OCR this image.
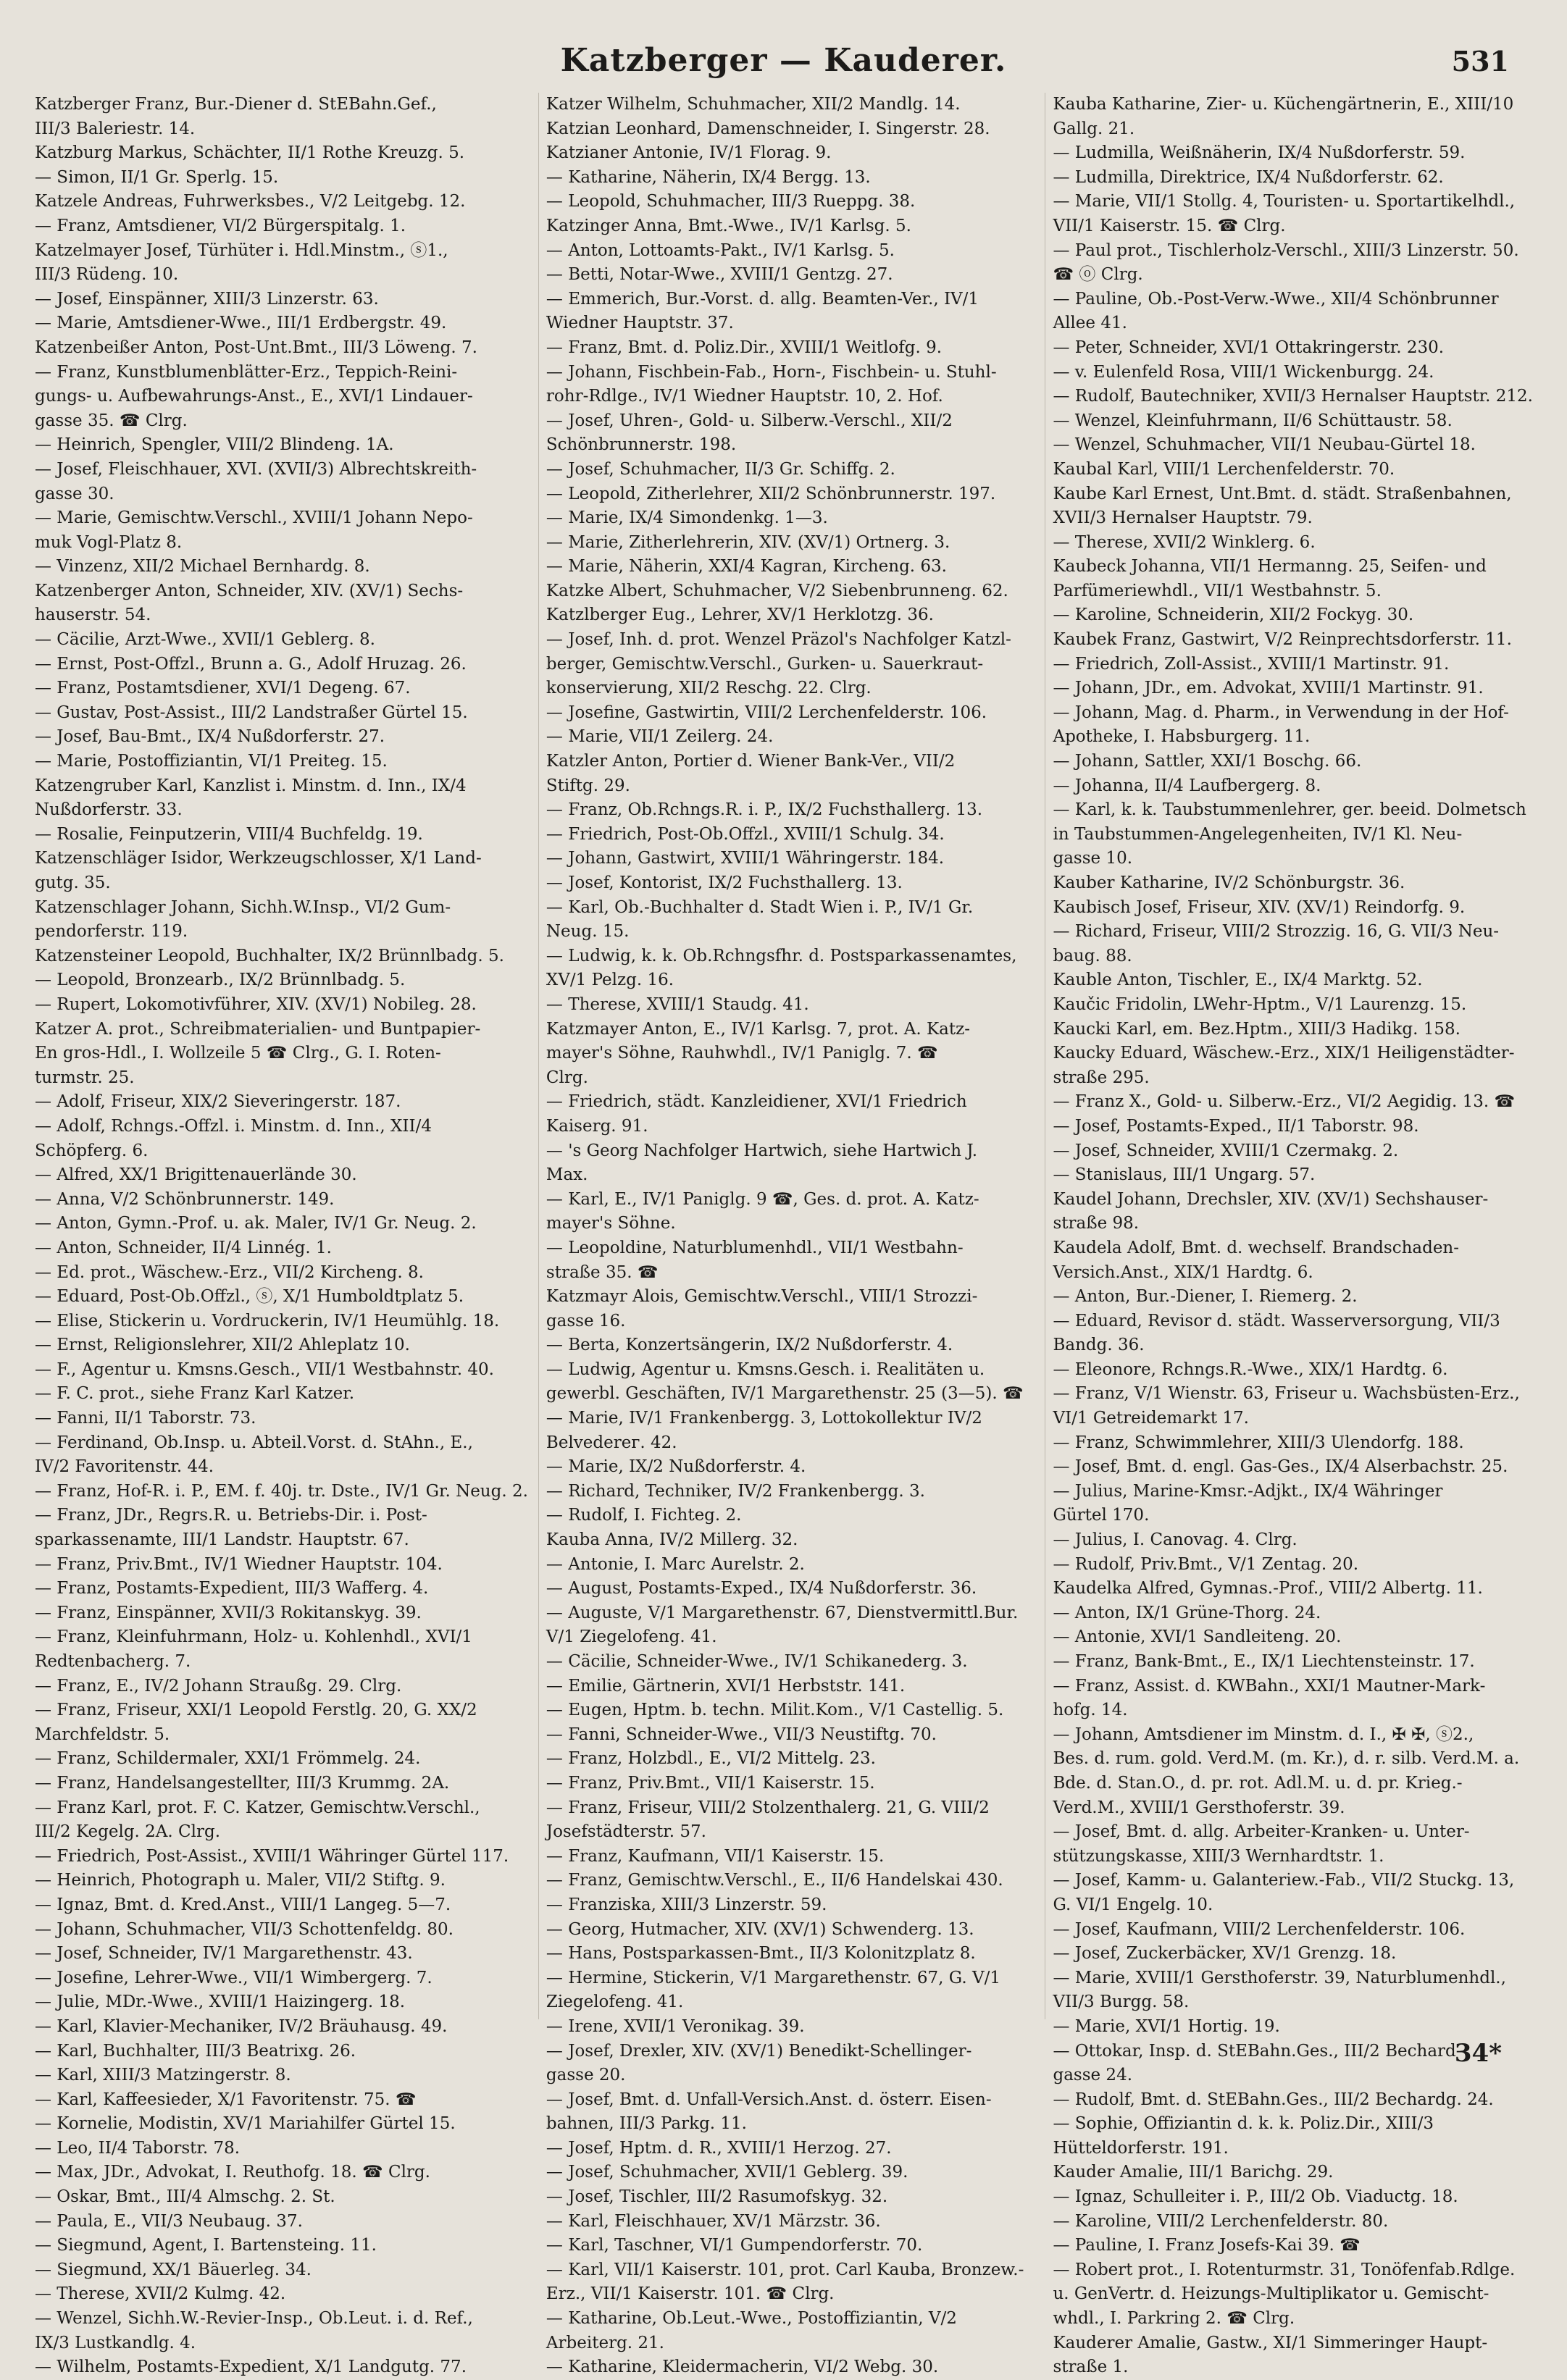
Katzberger — Kauderer.	531
Katzberger Franz, Bur.-Diener d. StEBahn.Gef.,
III/3 Baleriestr. 14.
Katzburg Markus, Schächter, II/1 Rothe Kreuzg. 5.
— Simon, II/1 Gr. Sperlg. 15.
Katzele Andreas, Fuhrwerksbes., V/2 Leitgebg. 12.
— Franz, Amtsdiener, VI/2 Bürgerspitalg. 1.
Katzelmayer Josef, Türhüter i. Hdl.Minstm., ⓢ1.,
III/3 Rüdeng. 10.
— Josef, Einspänner, XIII/3 Linzerstr. 63.
— Marie, Amtsdiener-Wwe., III/1 Erdbergstr. 49.
Katzenbeißer Anton, Post-Unt.Bmt., III/3 Löweng. 7.
— Franz, Kunstblumenblätter-Erz., Teppich-Reini-
gungs- u. Aufbewahrungs-Anst., E., XVI/1 Lindauer-
gasse 35. ☎ Clrg.
— Heinrich, Spengler, VIII/2 Blindeng. 1A.
— Josef, Fleischhauer, XVI. (XVII/3) Albrechtskreith-
gasse 30.
— Marie, Gemischtw.Verschl., XVIII/1 Johann Nepo-
muk Vogl-Platz 8.
— Vinzenz, XII/2 Michael Bernhardg. 8.
Katzenberger Anton, Schneider, XIV. (XV/1) Sechs-
hauserstr. 54.
— Cäcilie, Arzt-Wwe., XVII/1 Geblerg. 8.
— Ernst, Post-Offzl., Brunn a. G., Adolf Hruzag. 26.
— Franz, Postamtsdiener, XVI/1 Degeng. 67.
— Gustav, Post-Assist., III/2 Landstraßer Gürtel 15.
— Josef, Bau-Bmt., IX/4 Nußdorferstr. 27.
— Marie, Postoffiziantin, VI/1 Preiteg. 15.
Katzengruber Karl, Kanzlist i. Minstm. d. Inn., IX/4
Nußdorferstr. 33.
— Rosalie, Feinputzerin, VIII/4 Buchfeldg. 19.
Katzenschläger Isidor, Werkzeugschlosser, X/1 Land-
gutg. 35.
Katzenschlager Johann, Sichh.W.Insp., VI/2 Gum-
pendorferstr. 119.
Katzensteiner Leopold, Buchhalter, IX/2 Brünnlbadg. 5.
— Leopold, Bronzearb., IX/2 Brünnlbadg. 5.
— Rupert, Lokomotivführer, XIV. (XV/1) Nobileg. 28.
Katzer A. prot., Schreibmaterialien- und Buntpapier-
En gros-Hdl., I. Wollzeile 5 ☎ Clrg., G. I. Roten-
turmstr. 25.
— Adolf, Friseur, XIX/2 Sieveringerstr. 187.
— Adolf, Rchngs.-Offzl. i. Minstm. d. Inn., XII/4
Schöpferg. 6.
— Alfred, XX/1 Brigittenauerlände 30.
— Anna, V/2 Schönbrunnerstr. 149.
— Anton, Gymn.-Prof. u. ak. Maler, IV/1 Gr. Neug. 2.
— Anton, Schneider, II/4 Linnég. 1.
— Ed. prot., Wäschew.-Erz., VII/2 Kircheng. 8.
— Eduard, Post-Ob.Offzl., ⓢ, X/1 Humboldtplatz 5.
— Elise, Stickerin u. Vordruckerin, IV/1 Heumühlg. 18.
— Ernst, Religionslehrer, XII/2 Ahleplatz 10.
— F., Agentur u. Kmsns.Gesch., VII/1 Westbahnstr. 40.
— F. C. prot., siehe Franz Karl Katzer.
— Fanni, II/1 Taborstr. 73.
— Ferdinand, Ob.Insp. u. Abteil.Vorst. d. StAhn., E.,
IV/2 Favoritenstr. 44.
— Franz, Hof-R. i. P., EM. f. 40j. tr. Dste., IV/1 Gr. Neug. 2.
— Franz, JDr., Regrs.R. u. Betriebs-Dir. i. Post-
sparkassenamte, III/1 Landstr. Hauptstr. 67.
— Franz, Priv.Bmt., IV/1 Wiedner Hauptstr. 104.
— Franz, Postamts-Expedient, III/3 Wafferg. 4.
— Franz, Einspänner, XVII/3 Rokitanskyg. 39.
— Franz, Kleinfuhrmann, Holz- u. Kohlenhdl., XVI/1
Redtenbacherg. 7.
— Franz, E., IV/2 Johann Straußg. 29. Clrg.
— Franz, Friseur, XXI/1 Leopold Ferstlg. 20, G. XX/2
Marchfeldstr. 5.
— Franz, Schildermaler, XXI/1 Frömmelg. 24.
— Franz, Handelsangestellter, III/3 Krummg. 2A.
— Franz Karl, prot. F. C. Katzer, Gemischtw.Verschl.,
III/2 Kegelg. 2A. Clrg.
— Friedrich, Post-Assist., XVIII/1 Währinger Gürtel 117.
— Heinrich, Photograph u. Maler, VII/2 Stiftg. 9.
— Ignaz, Bmt. d. Kred.Anst., VIII/1 Langeg. 5—7.
— Johann, Schuhmacher, VII/3 Schottenfeldg. 80.
— Josef, Schneider, IV/1 Margarethenstr. 43.
— Josefine, Lehrer-Wwe., VII/1 Wimbergerg. 7.
— Julie, MDr.-Wwe., XVIII/1 Haizingerg. 18.
— Karl, Klavier-Mechaniker, IV/2 Bräuhausg. 49.
— Karl, Buchhalter, III/3 Beatrixg. 26.
— Karl, XIII/3 Matzingerstr. 8.
— Karl, Kaffeesieder, X/1 Favoritenstr. 75. ☎
— Kornelie, Modistin, XV/1 Mariahilfer Gürtel 15.
— Leo, II/4 Taborstr. 78.
— Max, JDr., Advokat, I. Reuthofg. 18. ☎ Clrg.
— Oskar, Bmt., III/4 Almschg. 2. St.
— Paula, E., VII/3 Neubaug. 37.
— Siegmund, Agent, I. Bartensteing. 11.
— Siegmund, XX/1 Bäuerleg. 34.
— Therese, XVII/2 Kulmg. 42.
— Wenzel, Sichh.W.-Revier-Insp., Ob.Leut. i. d. Ref.,
IX/3 Lustkandlg. 4.
— Wilhelm, Postamts-Expedient, X/1 Landgutg. 77.
Katzer Wilhelm, Schuhmacher, XII/2 Mandlg. 14.
Katzian Leonhard, Damenschneider, I. Singerstr. 28.
Katzianer Antonie, IV/1 Florag. 9.
— Katharine, Näherin, IX/4 Bergg. 13.
— Leopold, Schuhmacher, III/3 Rueppg. 38.
Katzinger Anna, Bmt.-Wwe., IV/1 Karlsg. 5.
— Anton, Lottoamts-Pakt., IV/1 Karlsg. 5.
— Betti, Notar-Wwe., XVIII/1 Gentzg. 27.
— Emmerich, Bur.-Vorst. d. allg. Beamten-Ver., IV/1
Wiedner Hauptstr. 37.
— Franz, Bmt. d. Poliz.Dir., XVIII/1 Weitlofg. 9.
— Johann, Fischbein-Fab., Horn-, Fischbein- u. Stuhl-
rohr-Rdlge., IV/1 Wiedner Hauptstr. 10, 2. Hof.
— Josef, Uhren-, Gold- u. Silberw.-Verschl., XII/2
Schönbrunnerstr. 198.
— Josef, Schuhmacher, II/3 Gr. Schiffg. 2.
— Leopold, Zitherlehrer, XII/2 Schönbrunnerstr. 197.
— Marie, IX/4 Simondenkg. 1—3.
— Marie, Zitherlehrerin, XIV. (XV/1) Ortnerg. 3.
— Marie, Näherin, XXI/4 Kagran, Kircheng. 63.
Katzke Albert, Schuhmacher, V/2 Siebenbrunneng. 62.
Katzlberger Eug., Lehrer, XV/1 Herklotzg. 36.
— Josef, Inh. d. prot. Wenzel Präzol's Nachfolger Katzl-
berger, Gemischtw.Verschl., Gurken- u. Sauerkraut-
konservierung, XII/2 Reschg. 22. Clrg.
— Josefine, Gastwirtin, VIII/2 Lerchenfelderstr. 106.
— Marie, VII/1 Zeilerg. 24.
Katzler Anton, Portier d. Wiener Bank-Ver., VII/2
Stiftg. 29.
— Franz, Ob.Rchngs.R. i. P., IX/2 Fuchsthallerg. 13.
— Friedrich, Post-Ob.Offzl., XVIII/1 Schulg. 34.
— Johann, Gastwirt, XVIII/1 Währingerstr. 184.
— Josef, Kontorist, IX/2 Fuchsthallerg. 13.
— Karl, Ob.-Buchhalter d. Stadt Wien i. P., IV/1 Gr.
Neug. 15.
— Ludwig, k. k. Ob.Rchngsfhr. d. Postsparkassenamtes,
XV/1 Pelzg. 16.
— Therese, XVIII/1 Staudg. 41.
Katzmayer Anton, E., IV/1 Karlsg. 7, prot. A. Katz-
mayer's Söhne, Rauhwhdl., IV/1 Paniglg. 7. ☎
Clrg.
— Friedrich, städt. Kanzleidiener, XVI/1 Friedrich
Kaiserg. 91.
— 's Georg Nachfolger Hartwich, siehe Hartwich J.
Max.
— Karl, E., IV/1 Paniglg. 9 ☎, Ges. d. prot. A. Katz-
mayer's Söhne.
— Leopoldine, Naturblumenhdl., VII/1 Westbahn-
straße 35. ☎
Katzmayr Alois, Gemischtw.Verschl., VIII/1 Strozzi-
gasse 16.
— Berta, Konzertsängerin, IX/2 Nußdorferstr. 4.
— Ludwig, Agentur u. Kmsns.Gesch. i. Realitäten u.
gewerbl. Geschäften, IV/1 Margarethenstr. 25 (3—5). ☎
— Marie, IV/1 Frankenbergg. 3, Lottokollektur IV/2
Belvederег. 42.
— Marie, IX/2 Nußdorferstr. 4.
— Richard, Techniker, IV/2 Frankenbergg. 3.
— Rudolf, I. Fichteg. 2.
Kauba Anna, IV/2 Millerg. 32.
— Antonie, I. Marc Aurelstr. 2.
— August, Postamts-Exped., IX/4 Nußdorferstr. 36.
— Auguste, V/1 Margarethenstr. 67, Dienstvermittl.Bur.
V/1 Ziegelofeng. 41.
— Cäcilie, Schneider-Wwe., IV/1 Schikanederg. 3.
— Emilie, Gärtnerin, XVI/1 Herbststr. 141.
— Eugen, Hptm. b. techn. Milit.Kom., V/1 Castellig. 5.
— Fanni, Schneider-Wwe., VII/3 Neustiftg. 70.
— Franz, Holzbdl., E., VI/2 Mittelg. 23.
— Franz, Priv.Bmt., VII/1 Kaiserstr. 15.
— Franz, Friseur, VIII/2 Stolzenthalerg. 21, G. VIII/2
Josefstädterstr. 57.
— Franz, Kaufmann, VII/1 Kaiserstr. 15.
— Franz, Gemischtw.Verschl., E., II/6 Handelskai 430.
— Franziska, XIII/3 Linzerstr. 59.
— Georg, Hutmacher, XIV. (XV/1) Schwenderg. 13.
— Hans, Postsparkassen-Bmt., II/3 Kolonitzplatz 8.
— Hermine, Stickerin, V/1 Margarethenstr. 67, G. V/1
Ziegelofeng. 41.
— Irene, XVII/1 Veronikag. 39.
— Josef, Drexler, XIV. (XV/1) Benedikt-Schellinger-
gasse 20.
— Josef, Bmt. d. Unfall-Versich.Anst. d. österr. Eisen-
bahnen, III/3 Parkg. 11.
— Josef, Hptm. d. R., XVIII/1 Herzog. 27.
— Josef, Schuhmacher, XVII/1 Geblerg. 39.
— Josef, Tischler, III/2 Rasumofskyg. 32.
— Karl, Fleischhauer, XV/1 Märzstr. 36.
— Karl, Taschner, VI/1 Gumpendorferstr. 70.
— Karl, VII/1 Kaiserstr. 101, prot. Carl Kauba, Bronzew.-
Erz., VII/1 Kaiserstr. 101. ☎ Clrg.
— Katharine, Ob.Leut.-Wwe., Postoffiziantin, V/2
Arbeiterg. 21.
— Katharine, Kleidermacherin, VI/2 Webg. 30.
Kauba Katharine, Zier- u. Küchengärtnerin, E., XIII/10
Gallg. 21.
— Ludmilla, Weißnäherin, IX/4 Nußdorferstr. 59.
— Ludmilla, Direktrice, IX/4 Nußdorferstr. 62.
— Marie, VII/1 Stollg. 4, Touristen- u. Sportartikelhdl.,
VII/1 Kaiserstr. 15. ☎ Clrg.
— Paul prot., Tischlerholz-Verschl., XIII/3 Linzerstr. 50.
☎ ⓞ Clrg.
— Pauline, Ob.-Post-Verw.-Wwe., XII/4 Schönbrunner
Allee 41.
— Peter, Schneider, XVI/1 Ottakringerstr. 230.
— v. Eulenfeld Rosa, VIII/1 Wickenburgg. 24.
— Rudolf, Bautechniker, XVII/3 Hernalser Hauptstr. 212.
— Wenzel, Kleinfuhrmann, II/6 Schüttaustr. 58.
— Wenzel, Schuhmacher, VII/1 Neubau-Gürtel 18.
Kaubal Karl, VIII/1 Lerchenfelderstr. 70.
Kaube Karl Ernest, Unt.Bmt. d. städt. Straßenbahnen,
XVII/3 Hernalser Hauptstr. 79.
— Therese, XVII/2 Winklerg. 6.
Kaubeck Johanna, VII/1 Hermanng. 25, Seifen- und
Parfümeriewhdl., VII/1 Westbahnstr. 5.
— Karoline, Schneiderin, XII/2 Fockyg. 30.
Kaubek Franz, Gastwirt, V/2 Reinprechtsdorferstr. 11.
— Friedrich, Zoll-Assist., XVIII/1 Martinstr. 91.
— Johann, JDr., em. Advokat, XVIII/1 Martinstr. 91.
— Johann, Mag. d. Pharm., in Verwendung in der Hof-
Apotheke, I. Habsburgerg. 11.
— Johann, Sattler, XXI/1 Boschg. 66.
— Johanna, II/4 Laufbergerg. 8.
— Karl, k. k. Taubstummenlehrer, ger. beeid. Dolmetsch
in Taubstummen-Angelegenheiten, IV/1 Kl. Neu-
gasse 10.
Kauber Katharine, IV/2 Schönburgstr. 36.
Kaubisch Josef, Friseur, XIV. (XV/1) Reindorfg. 9.
— Richard, Friseur, VIII/2 Strozzig. 16, G. VII/3 Neu-
baug. 88.
Kauble Anton, Tischler, E., IX/4 Marktg. 52.
Kaučic Fridolin, LWehr-Hptm., V/1 Laurenzg. 15.
Kaucki Karl, em. Bez.Hptm., XIII/3 Hadikg. 158.
Kaucky Eduard, Wäschew.-Erz., XIX/1 Heiligenstädter-
straße 295.
— Franz X., Gold- u. Silberw.-Erz., VI/2 Aegidig. 13. ☎
— Josef, Postamts-Exped., II/1 Taborstr. 98.
— Josef, Schneider, XVIII/1 Czermakg. 2.
— Stanislaus, III/1 Ungarg. 57.
Kaudel Johann, Drechsler, XIV. (XV/1) Sechshauser-
straße 98.
Kaudela Adolf, Bmt. d. wechself. Brandschaden-
Versich.Anst., XIX/1 Hardtg. 6.
— Anton, Bur.-Diener, I. Riemerg. 2.
— Eduard, Revisor d. städt. Wasserversorgung, VII/3
Bandg. 36.
— Eleonore, Rchngs.R.-Wwe., XIX/1 Hardtg. 6.
— Franz, V/1 Wienstr. 63, Friseur u. Wachsbüsten-Erz.,
VI/1 Getreidemarkt 17.
— Franz, Schwimmlehrer, XIII/3 Ulendorfg. 188.
— Josef, Bmt. d. engl. Gas-Ges., IX/4 Alserbachstr. 25.
— Julius, Marine-Kmsr.-Adjkt., IX/4 Währinger
Gürtel 170.
— Julius, I. Canovag. 4. Clrg.
— Rudolf, Priv.Bmt., V/1 Zentag. 20.
Kaudelka Alfred, Gymnas.-Prof., VIII/2 Albertg. 11.
— Anton, IX/1 Grüne-Thorg. 24.
— Antonie, XVI/1 Sandleiteng. 20.
— Franz, Bank-Bmt., E., IX/1 Liechtensteinstr. 17.
— Franz, Assist. d. KWBahn., XXI/1 Mautner-Mark-
hofg. 14.
— Johann, Amtsdiener im Minstm. d. I., ✠ ✠, ⓢ2.,
Bes. d. rum. gold. Verd.M. (m. Kr.), d. r. silb. Verd.M. a.
Bde. d. Stan.O., d. pr. rot. Adl.M. u. d. pr. Krieg.-
Verd.M., XVIII/1 Gersthoferstr. 39.
— Josef, Bmt. d. allg. Arbeiter-Kranken- u. Unter-
stützungskasse, XIII/3 Wernhardtstr. 1.
— Josef, Kamm- u. Galanteriew.-Fab., VII/2 Stuckg. 13,
G. VI/1 Engelg. 10.
— Josef, Kaufmann, VIII/2 Lerchenfelderstr. 106.
— Josef, Zuckerbäcker, XV/1 Grenzg. 18.
— Marie, XVIII/1 Gersthoferstr. 39, Naturblumenhdl.,
VII/3 Burgg. 58.
— Marie, XVI/1 Hortig. 19.
— Ottokar, Insp. d. StEBahn.Ges., III/2 Bechard-
gasse 24.
— Rudolf, Bmt. d. StEBahn.Ges., III/2 Bechardg. 24.
— Sophie, Offiziantin d. k. k. Poliz.Dir., XIII/3
Hütteldorferstr. 191.
Kauder Amalie, III/1 Barichg. 29.
— Ignaz, Schulleiter i. P., III/2 Ob. Viaductg. 18.
— Karoline, VIII/2 Lerchenfelderstr. 80.
— Pauline, I. Franz Josefs-Kai 39. ☎
— Robert prot., I. Rotenturmstr. 31, Tonöfenfab.Rdlge.
u. GenVertr. d. Heizungs-Multiplikator u. Gemischt-
whdl., I. Parkring 2. ☎ Clrg.
Kauderer Amalie, Gastw., XI/1 Simmeringer Haupt-
straße 1.
34*
